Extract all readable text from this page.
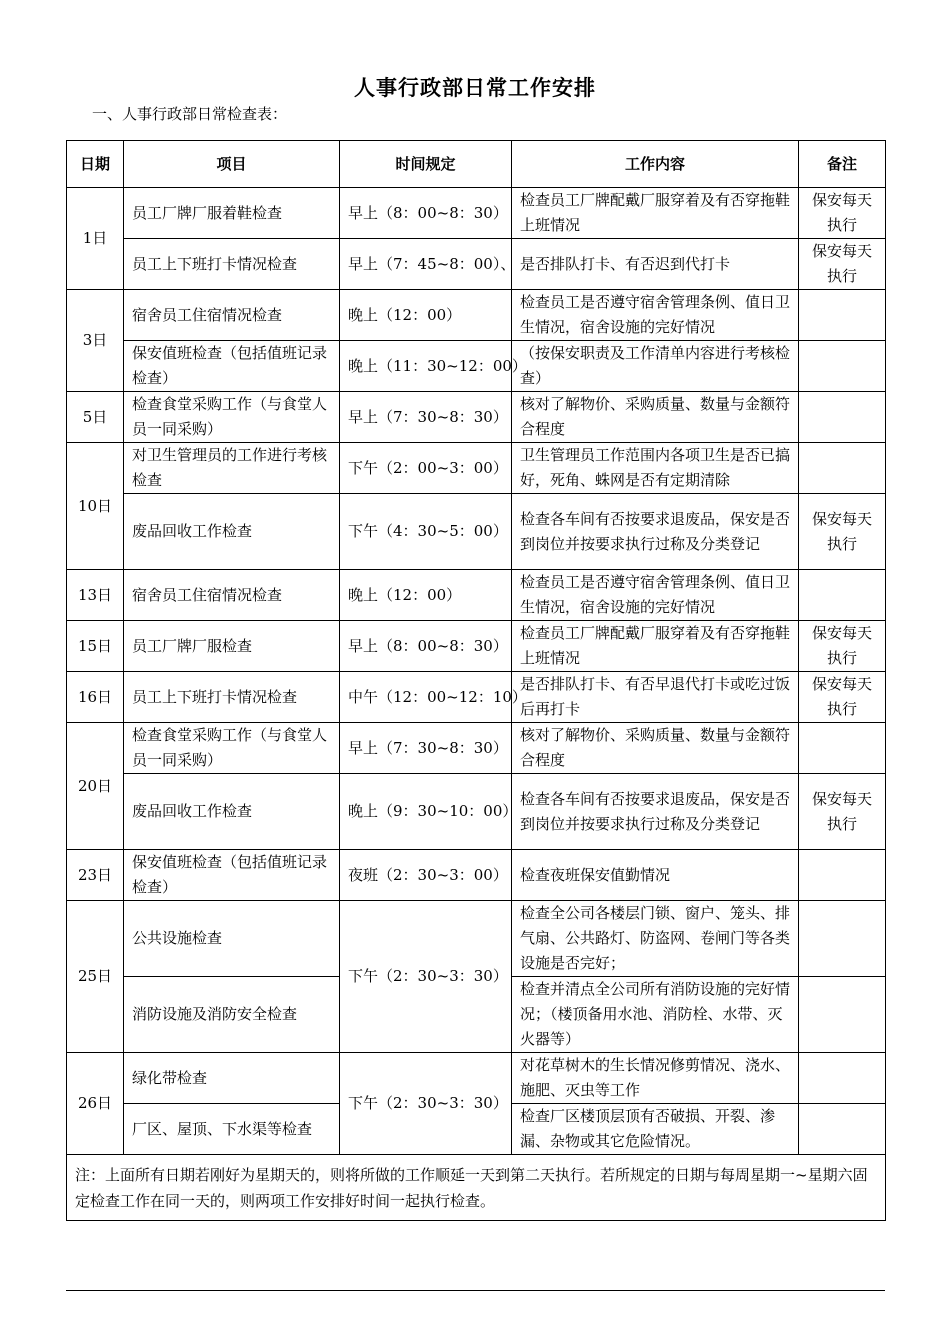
人事行政部日常工作安排
一、人事行政部日常检查表：
日期	项目	时间规定	工作内容	备注
1日	员工厂牌厂服着鞋检查	早上（8：00~8：30）	检查员工厂牌配戴厂服穿着及有否穿拖鞋上班情况	保安每天执行
	员工上下班打卡情况检查	早上（7：45~8：00）、	是否排队打卡、有否迟到代打卡	保安每天执行
3日	宿舍员工住宿情况检查	晚上（12：00）	检查员工是否遵守宿舍管理条例、值日卫生情况，宿舍设施的完好情况	
	保安值班检查（包括值班记录检查）	晚上（11：30~12：00）	（按保安职责及工作清单内容进行考核检查）	
5日	检查食堂采购工作（与食堂人员一同采购）	早上（7：30~8：30）	核对了解物价、采购质量、数量与金额符合程度	
10日	对卫生管理员的工作进行考核检查	下午（2：00~3：00）	卫生管理员工作范围内各项卫生是否已搞好，死角、蛛网是否有定期清除	
	废品回收工作检查	下午（4：30~5：00）	检查各车间有否按要求退废品，保安是否到岗位并按要求执行过称及分类登记	保安每天执行
13日	宿舍员工住宿情况检查	晚上（12：00）	检查员工是否遵守宿舍管理条例、值日卫生情况，宿舍设施的完好情况	
15日	员工厂牌厂服检查	早上（8：00~8：30）	检查员工厂牌配戴厂服穿着及有否穿拖鞋上班情况	保安每天执行
16日	员工上下班打卡情况检查	中午（12：00~12：10）	是否排队打卡、有否早退代打卡或吃过饭后再打卡	保安每天执行
20日	检查食堂采购工作（与食堂人员一同采购）	早上（7：30~8：30）	核对了解物价、采购质量、数量与金额符合程度	
	废品回收工作检查	晚上（9：30~10：00）	检查各车间有否按要求退废品，保安是否到岗位并按要求执行过称及分类登记	保安每天执行
23日	保安值班检查（包括值班记录检查）	夜班（2：30~3：00）	检查夜班保安值勤情况	
25日	公共设施检查	下午（2：30~3：30）	检查全公司各楼层门锁、窗户、笼头、排气扇、公共路灯、防盗网、卷闸门等各类设施是否完好；	
	消防设施及消防安全检查		检查并清点全公司所有消防设施的完好情况；（楼顶备用水池、消防栓、水带、灭火器等）	
26日	绿化带检查	下午（2：30~3：30）	对花草树木的生长情况修剪情况、浇水、施肥、灭虫等工作	
	厂区、屋顶、下水渠等检查		检查厂区楼顶层顶有否破损、开裂、渗漏、杂物或其它危险情况。	
注：上面所有日期若刚好为星期天的，则将所做的工作顺延一天到第二天执行。若所规定的日期与每周星期一~星期六固定检查工作在同一天的，则两项工作安排好时间一起执行检查。				
